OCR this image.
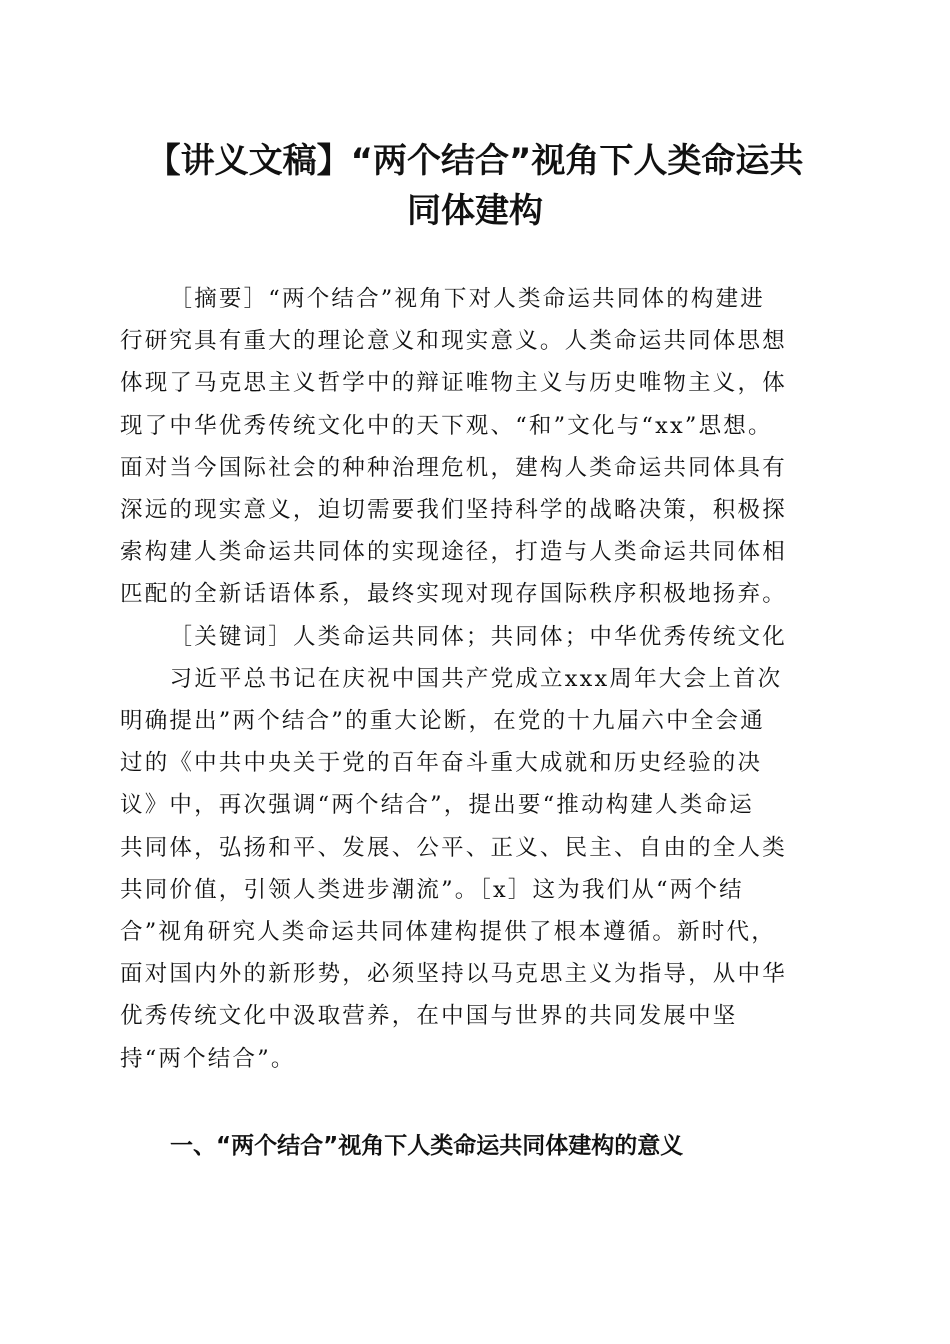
【讲义文稿】“两个结合”视角下人类命运共
同体建构

［摘要］“两个结合”视角下对人类命运共同体的构建进

行研究具有重大的理论意义和现实意义。人类命运共同体思想
体现了马克思主义哲学中的辩证唯物主义与历史唯物主义，体
现了中华优秀传统文化中的天下观、“和”文化与“xx”思想。
面对当今国际社会的种种治理危机，建构人类命运共同体具有
深远的现实意义，迫切需要我们坚持科学的战略决策，积极探
索构建人类命运共同体的实现途径，打造与人类命运共同体相
匹配的全新话语体系，最终实现对现存国际秩序积极地扬弃。

［关键词］人类命运共同体；共同体；中华优秀传统文化

习近平总书记在庆祝中国共产党成立xxx周年大会上首次

明确提出”两个结合”的重大论断，在党的十九届六中全会通
过的《中共中央关于党的百年奋斗重大成就和历史经验的决
议》中，再次强调“两个结合”，提出要“推动构建人类命运
共同体，弘扬和平、发展、公平、正义、民主、自由的全人类
共同价值，引领人类进步潮流”。［x］这为我们从“两个结
合”视角研究人类命运共同体建构提供了根本遵循。新时代，
面对国内外的新形势，必须坚持以马克思主义为指导，从中华
优秀传统文化中汲取营养，在中国与世界的共同发展中坚
持“两个结合”。
一、“两个结合”视角下人类命运共同体建构的意义
